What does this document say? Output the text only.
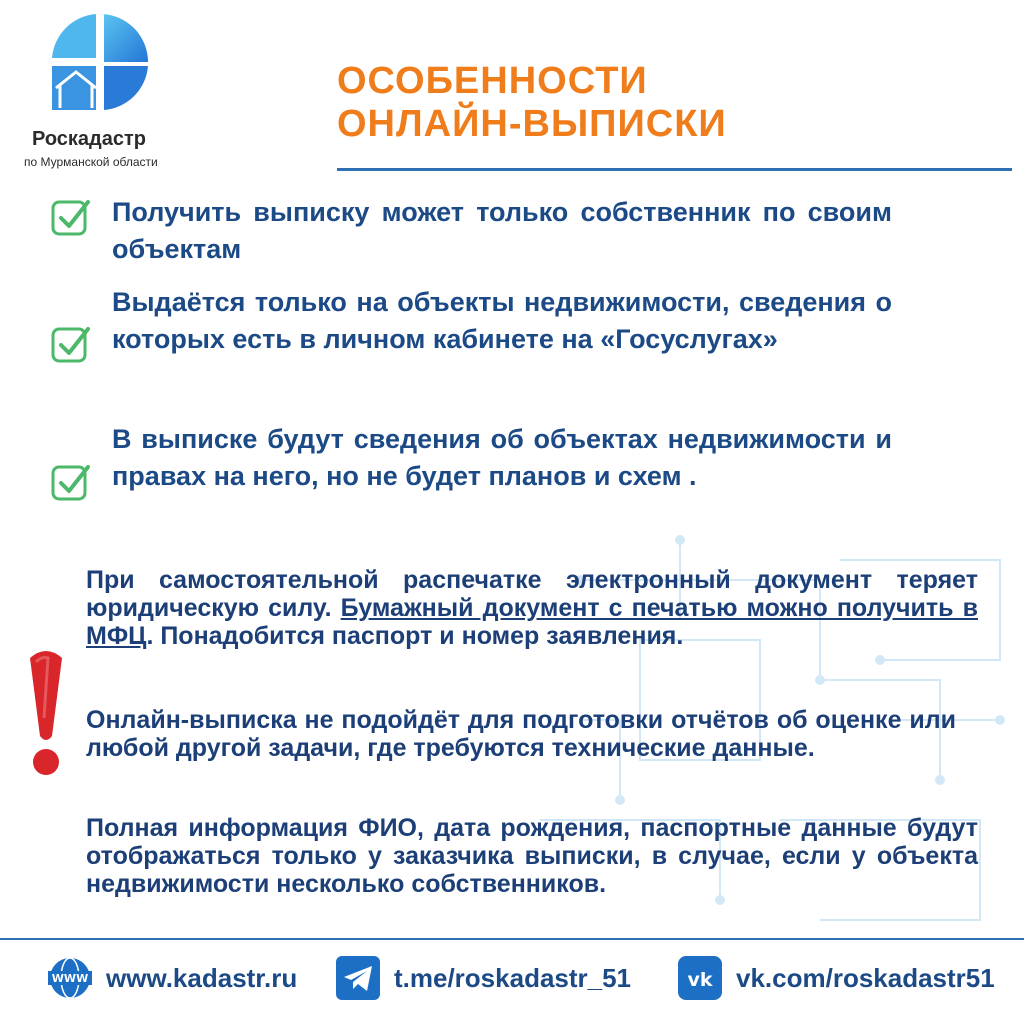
Роскадастр
по Мурманской области
ОСОБЕННОСТИ
ОНЛАЙН-ВЫПИСКИ
Получить выписку может только собственник по своим объектам
Выдаётся только на объекты недвижимости, сведения о которых есть в личном кабинете на «Госуслугах»
В выписке будут сведения об объектах недвижимости и правах на него, но не будет планов и схем .
При самостоятельной распечатке электронный документ теряет юридическую силу. Бумажный документ с печатью можно получить в МФЦ. Понадобится паспорт и номер заявления.
Онлайн-выписка не подойдёт для подготовки отчётов об оценке или любой другой задачи, где требуются технические данные.
Полная информация ФИО, дата рождения, паспортные данные будут отображаться только у заказчика выписки, в случае, если у объекта недвижимости несколько собственников.
WWW www.kadastr.ru	t.me/roskadastr_51	vk vk.com/roskadastr51
